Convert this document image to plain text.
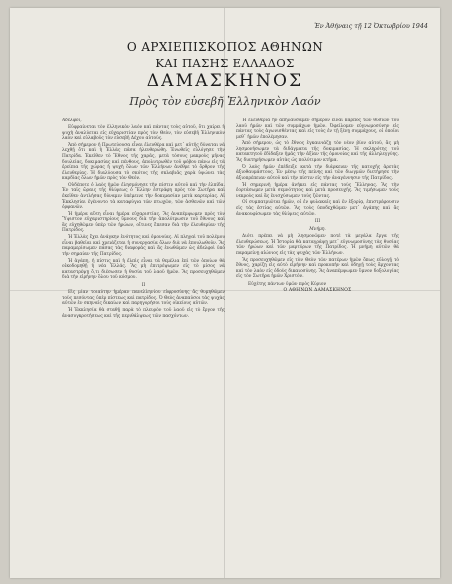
Ἐν Ἀθήναις τῇ 12 Ὀκτωβρίου 1944
Ο ΑΡΧΙΕΠΙΣΚΟΠΟΣ ΑΘΗΝΩΝ
ΚΑΙ ΠΑΣΗΣ ΕΛΛΑΔΟΣ
ΔΑΜΑΣΚΗΝΟΣ
Πρὸς τὸν εὐσεβῆ Ἑλληνικὸν Λαόν

Ἀδελφοί,

Εὐφραίνεται τὸν ἑλληνικὸν λαόν καὶ πάντας τοὺς αὐτοῦ, ὅτι χαίρει ἡ ψυχὴ ἀναλύεται εἰς εὐχαριστίαν πρὸς τὸν Θεὸν, τὸν εὐσεβῆ Ἑλληνικὸν λαὸν καὶ εὐλαβοῦς τὸν εὐσεβῆ Δέχου αὐτοὺς.

Ἀπὸ σήμερον ἡ Πρωτεύουσα εἶναι ἐλευθέρα καὶ μετ᾽ αὐτῆς δύναται νὰ λεχθῇ ὅτι καὶ ἡ Ἑλλὰς πᾶσα ἠλευθερώθη. Ἐνωθεῖς εὐλόγησε τὴν Πατρίδα. Ἐκεῖθεν τὸ Ἔθνος τῆς χαρᾶς, μετὰ τόσους μακροὺς μῆνας δουλείας, δοκιμασίας καὶ πένθους, ἀπολυτρωθὲν τοῦ φόβου πάνω εἰς τὰ ἐρείπια τῆς χώρας ἡ ψυχὴ ὅλων τῶν Ἑλλήνων ἀνέθρε τὸ ὄρθρον τῆς ἐλευθερίας. Ἡ διαλύουσα τὸ σκότος τῆς σκλαβιᾶς χαρὰ ὑψώνει τὰς καρδίας ὅλων ἡμῶν πρὸς τὸν Θεόν.

Οὐδέποτε ὁ λαὸς ἡμῶν ἐλησμόνησε τὴν πίστιν αὐτοῦ καὶ τὴν ἐλπίδα. Ἐν ταῖς ὥραις τῆς θλίψεως ὁ Ἕλλην ἐστράφη πρὸς τὸν Σωτῆρα καὶ ἐκεῖθεν ἀντλήσας δύναμιν ὑπέμεινε τὴν δοκιμασίαν μετὰ καρτερίας. Αἱ Ἐκκλησίαι ἐγένοντο τὰ καταφύγια τῶν πτωχῶν, τῶν ἀσθενῶν καὶ τῶν ὀρφανῶν.

Ἡ ἡμέρα αὕτη εἶναι ἡμέρα εὐχαριστίας. Ἂς ἀναπέμψωμεν πρὸς τὸν Ὕψιστον εὐχαριστηρίους ὕμνους διὰ τὴν ἀπολύτρωσιν τοῦ ἔθνους καὶ ἂς εὐχηθῶμεν ὑπὲρ τῶν ἡρώων, οἵτινες ἔπεσαν διὰ τὴν ἐλευθερίαν τῆς Πατρίδος.

Ἡ Ἑλλὰς ἔχει ἀνάγκην ἑνότητος καὶ ὁμονοίας. Αἱ πληγαὶ τοῦ πολέμου εἶναι βαθεῖαι καὶ χρειάζεται ἡ συνεργασία ὅλων διὰ νὰ ἐπουλωθοῦν. Ἂς παραμερίσωμεν πάσας τὰς διαφορὰς καὶ ἂς ἑνωθῶμεν ὡς ἀδελφοὶ ὑπὸ τὴν σημαίαν τῆς Πατρίδος.

Ἡ ἀγάπη, ἡ πίστις καὶ ἡ ἐλπὶς εἶναι τὰ θεμέλια ἐπὶ τῶν ὁποίων θὰ οἰκοδομηθῇ ἡ νέα Ἑλλάς. Ἂς μὴ ἐπιτρέψωμεν εἰς τὸ μίσος νὰ καταστρέψῃ ὅ,τι διέσωσεν ἡ θυσία τοῦ λαοῦ ἡμῶν. Ἂς προσευχηθῶμεν διὰ τὴν εἰρήνην ὅλου τοῦ κόσμου.

II

Εἰς μίαν τοιαύτην ἡμέραν πανελληνίου εὐφροσύνης ἂς θυμηθῶμεν τοὺς πεσόντας ὑπὲρ πίστεως καὶ πατρίδος. Ὁ Θεὸς ἀναπαύσοι τὰς ψυχὰς αὐτῶν ἐν σκηναῖς δικαίων καὶ παρηγορήσοι τοὺς οἰκείους αὐτῶν.

Ἡ Ἐκκλησία θὰ σταθῇ παρὰ τὸ πλευρὸν τοῦ λαοῦ εἰς τὸ ἔργον τῆς ἀνασυγκροτήσεως καὶ τῆς περιθάλψεως τῶν πασχόντων.

Ἡ ἐλευθερία ἣν ἀπηλαύσαμεν σήμερον εἶναι καρπὸς τῶν θυσιῶν τοῦ λαοῦ ἡμῶν καὶ τῶν συμμάχων ἡμῶν. Ὀφείλομεν εὐγνωμοσύνην εἰς πάντας τοὺς ἀγωνισθέντας καὶ εἰς τοὺς ἐν τῇ ξένῃ συμμάχους, οἱ ὁποῖοι μεθ᾽ ἡμῶν ἐπολέμησαν.

Ἀπὸ σήμερον, ὡς τὸ ἔθνος ἐγκαινιάζῃ τὸν νέον βίον αὐτοῦ, ἂς μὴ λησμονήσωμεν τὰ διδάγματα τῆς δοκιμασίας. Ἡ σκληρότης τοῦ κατακτητοῦ ἐδίδαξεν ἡμᾶς τὴν ἀξίαν τῆς ὁμονοίας καὶ τῆς ἀλληλεγγύης. Ἂς διατηρήσωμεν αὐτὰς ὡς πολύτιμον κτῆμα.

Ὁ λαὸς ἡμῶν ἐπέδειξε κατὰ τὴν διάρκειαν τῆς κατοχῆς ἀρετὰς ἀξιοθαυμάστους. Ἐν μέσῳ τῆς πείνης καὶ τῶν διωγμῶν διετήρησε τὴν ἀξιοπρέπειαν αὐτοῦ καὶ τὴν πίστιν εἰς τὴν ἀναγέννησιν τῆς Πατρίδος.

Ἡ σημερινὴ ἡμέρα ἀνήκει εἰς πάντας τοὺς Ἕλληνας. Ἂς τὴν ἑορτάσωμεν μετὰ σεμνότητος καὶ μετὰ προσευχῆς. Ἂς τιμήσωμεν τοὺς νεκροὺς καὶ ἂς ἐνισχύσωμεν τοὺς ζῶντας.

Οἱ συμπατριῶται ἡμῶν, οἱ ἐν φυλακαῖς καὶ ἐν ἐξορίᾳ, ἐπιστρέφουσιν εἰς τὰς ἑστίας αὐτῶν. Ἂς τοὺς ὑποδεχθῶμεν μετ᾽ ἀγάπης καὶ ἂς ἀνακουφίσωμεν τὰς θλίψεις αὐτῶν.

III

Μνήμη.

Διότι πρέπει νὰ μὴ λησμονῶμεν ποτὲ τὰ μεγάλα ἔργα τῆς ἐλευθερώσεως. Ἡ Ἱστορία θὰ καταγράψῃ μετ᾽ εὐγνωμοσύνης τὰς θυσίας τῶν ἡρώων καὶ τῶν μαρτύρων τῆς Πατρίδος. Ἡ μνήμη αὐτῶν θὰ παραμείνῃ αἰώνιος εἰς τὰς ψυχὰς τῶν Ἑλλήνων.

Ἂς προσευχηθῶμεν εἰς τὸν Θεὸν τῶν πατέρων ἡμῶν ὅπως εὐλογῇ τὸ ἔθνος, χαρίζῃ εἰς αὐτὸ εἰρήνην καὶ προκοπὴν καὶ ὁδηγῇ τοὺς ἄρχοντας καὶ τὸν λαὸν εἰς ὁδοὺς δικαιοσύνης. Ἂς ἀναπέμψωμεν ὕμνον δοξολογίας εἰς τὸν Σωτῆρα ἡμῶν Χριστόν.

Εὐχέτης πάντων ὑμῶν πρὸς Κύριον

Ο ΑΘΗΝΩΝ ΔΑΜΑΣΚΗΝΟΣ
